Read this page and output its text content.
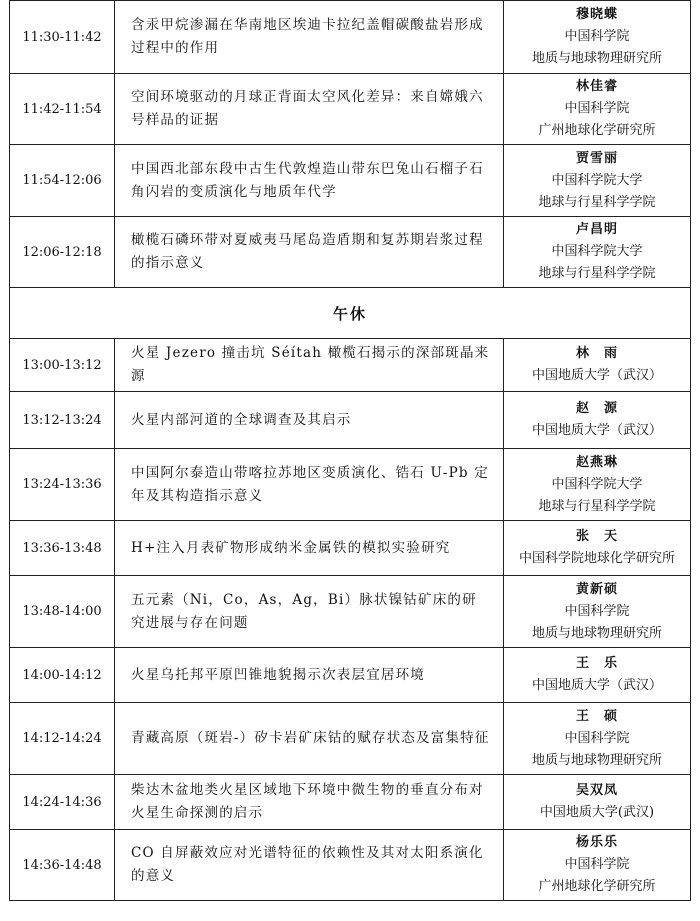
11:30-11:42	含汞甲烷渗漏在华南地区埃迪卡拉纪盖帽碳酸盐岩形成过程中的作用	穆晓蝶
中国科学院
地质与地球物理研究所

11:42-11:54	空间环境驱动的月球正背面太空风化差异：来自嫦娥六号样品的证据	林佳睿
中国科学院
广州地球化学研究所

11:54-12:06	中国西北部东段中古生代敦煌造山带东巴兔山石榴子石角闪岩的变质演化与地质年代学	贾雪丽
中国科学院大学
地球与行星科学学院

12:06-12:18	橄榄石磷环带对夏威夷马尾岛造盾期和复苏期岩浆过程的指示意义	卢昌明
中国科学院大学
地球与行星科学学院

午休		
13:00-13:12	火星 Jezero 撞击坑 Séítah 橄榄石揭示的深部斑晶来源	林　雨
中国地质大学（武汉）

13:12-13:24	火星内部河道的全球调查及其启示	赵　源
中国地质大学（武汉）

13:24-13:36	中国阿尔泰造山带喀拉苏地区变质演化、锆石 U-Pb 定年及其构造指示意义	赵燕琳
中国科学院大学
地球与行星科学学院

13:36-13:48	H+注入月表矿物形成纳米金属铁的模拟实验研究	张　天
中国科学院地球化学研究所

13:48-14:00	五元素（Ni，Co，As，Ag，Bi）脉状镍钴矿床的研究进展与存在问题	黄新硕
中国科学院
地质与地球物理研究所

14:00-14:12	火星乌托邦平原凹锥地貌揭示次表层宜居环境	王　乐
中国地质大学（武汉）

14:12-14:24	青藏高原（斑岩-）矽卡岩矿床钴的赋存状态及富集特征	王　硕
中国科学院
地质与地球物理研究所

14:24-14:36	柴达木盆地类火星区域地下环境中微生物的垂直分布对火星生命探测的启示	吴双凤
中国地质大学(武汉)

14:36-14:48	CO 自屏蔽效应对光谱特征的依赖性及其对太阳系演化的意义	杨乐乐
中国科学院
广州地球化学研究所
